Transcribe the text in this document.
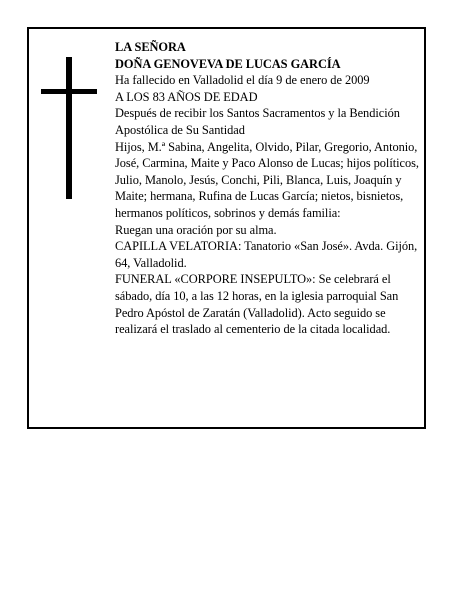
LA SEÑORA
DOÑA GENOVEVA DE LUCAS GARCÍA
Ha fallecido en Valladolid el día 9 de enero de 2009
A LOS 83 AÑOS DE EDAD
Después de recibir los Santos Sacramentos y la Bendición Apostólica de Su Santidad
Hijos, M.ª Sabina, Angelita, Olvido, Pilar, Gregorio, Antonio, José, Carmina, Maite y Paco Alonso de Lucas; hijos políticos, Julio, Manolo, Jesús, Conchi, Pili, Blanca, Luis, Joaquín y Maite; hermana, Rufina de Lucas García; nietos, bisnietos, hermanos políticos, sobrinos y demás familia:
Ruegan una oración por su alma.
CAPILLA VELATORIA: Tanatorio «San José». Avda. Gijón, 64, Valladolid.
FUNERAL «CORPORE INSEPULTO»: Se celebrará el sábado, día 10, a las 12 horas, en la iglesia parroquial San Pedro Apóstol de Zaratán (Valladolid). Acto seguido se realizará el traslado al cementerio de la citada localidad.
